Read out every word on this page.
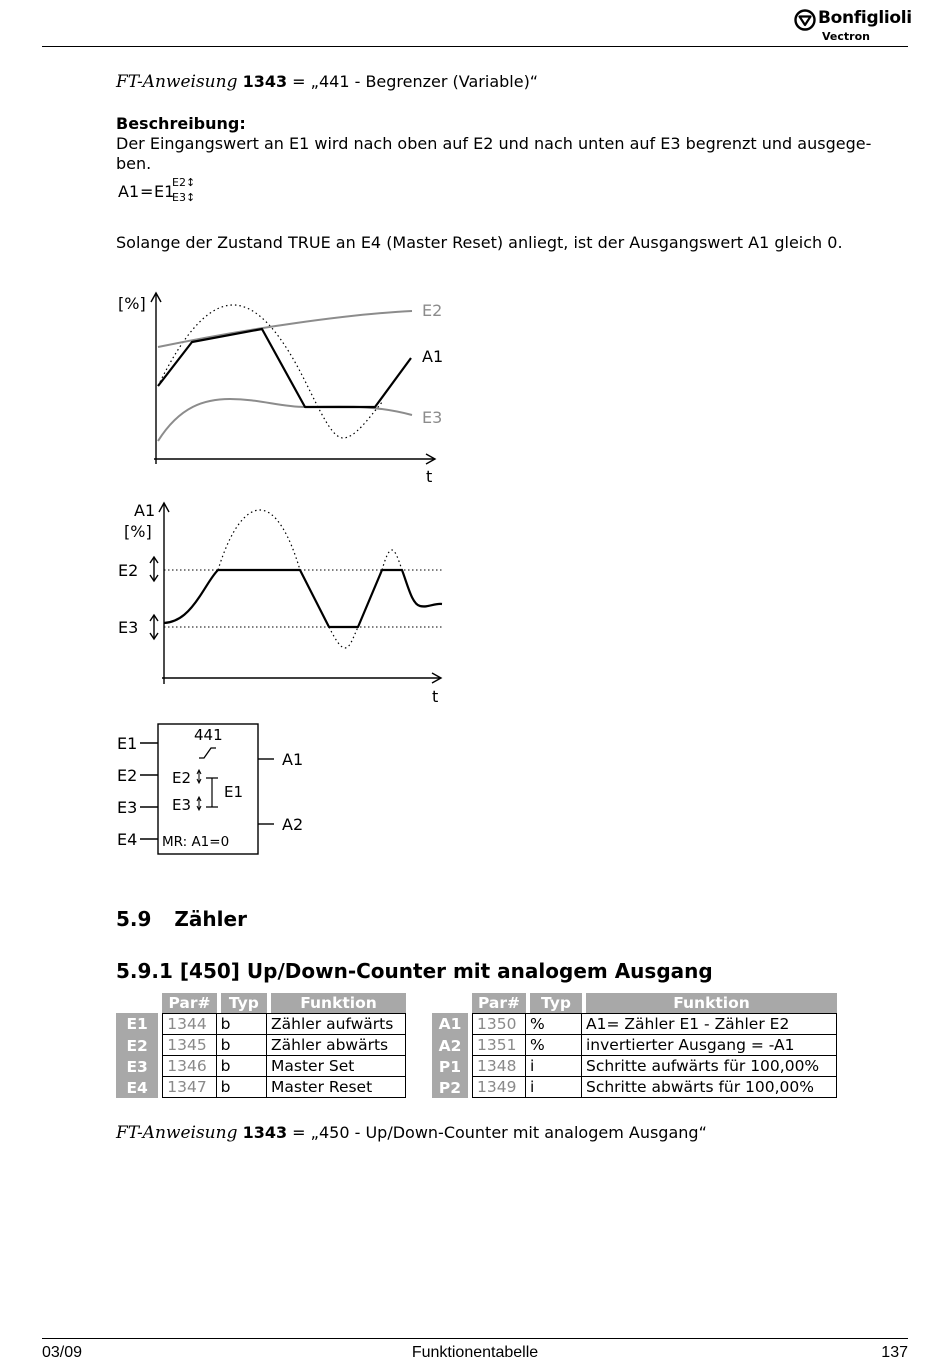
Bonfiglioli
Vectron
FT-Anweisung 1343 = „441 - Begrenzer (Variable)“
Beschreibung:
Der Eingangswert an E1 wird nach oben auf E2 und nach unten auf E3 begrenzt und ausgege-
ben.
A1 = E1
E2↕
E3↕
Solange der Zustand TRUE an E4 (Master Reset) anliegt, ist der Ausgangswert A1 gleich 0.
[%]	E2
A1
E3
t
A1
[%]
E2
E3
t
E1
E2
E3
E4
A1
A2
441
E2
E3
E1
MR: A1=0
5.9 Zähler
5.9.1 [450] Up/Down-Counter mit analogem Ausgang
		Par#	Typ	Funktion
E1		1344	b	Zähler aufwärts
E2		1345	b	Zähler abwärts
E3		1346	b	Master Set
E4		1347	b	Master Reset
		Par#	Typ	Funktion
A1		1350	%	A1= Zähler E1 - Zähler E2
A2		1351	%	invertierter Ausgang = -A1
P1		1348	i	Schritte aufwärts für 100,00%
P2		1349	i	Schritte abwärts für 100,00%
FT-Anweisung 1343 = „450 - Up/Down-Counter mit analogem Ausgang“
03/09	Funktionentabelle	137
